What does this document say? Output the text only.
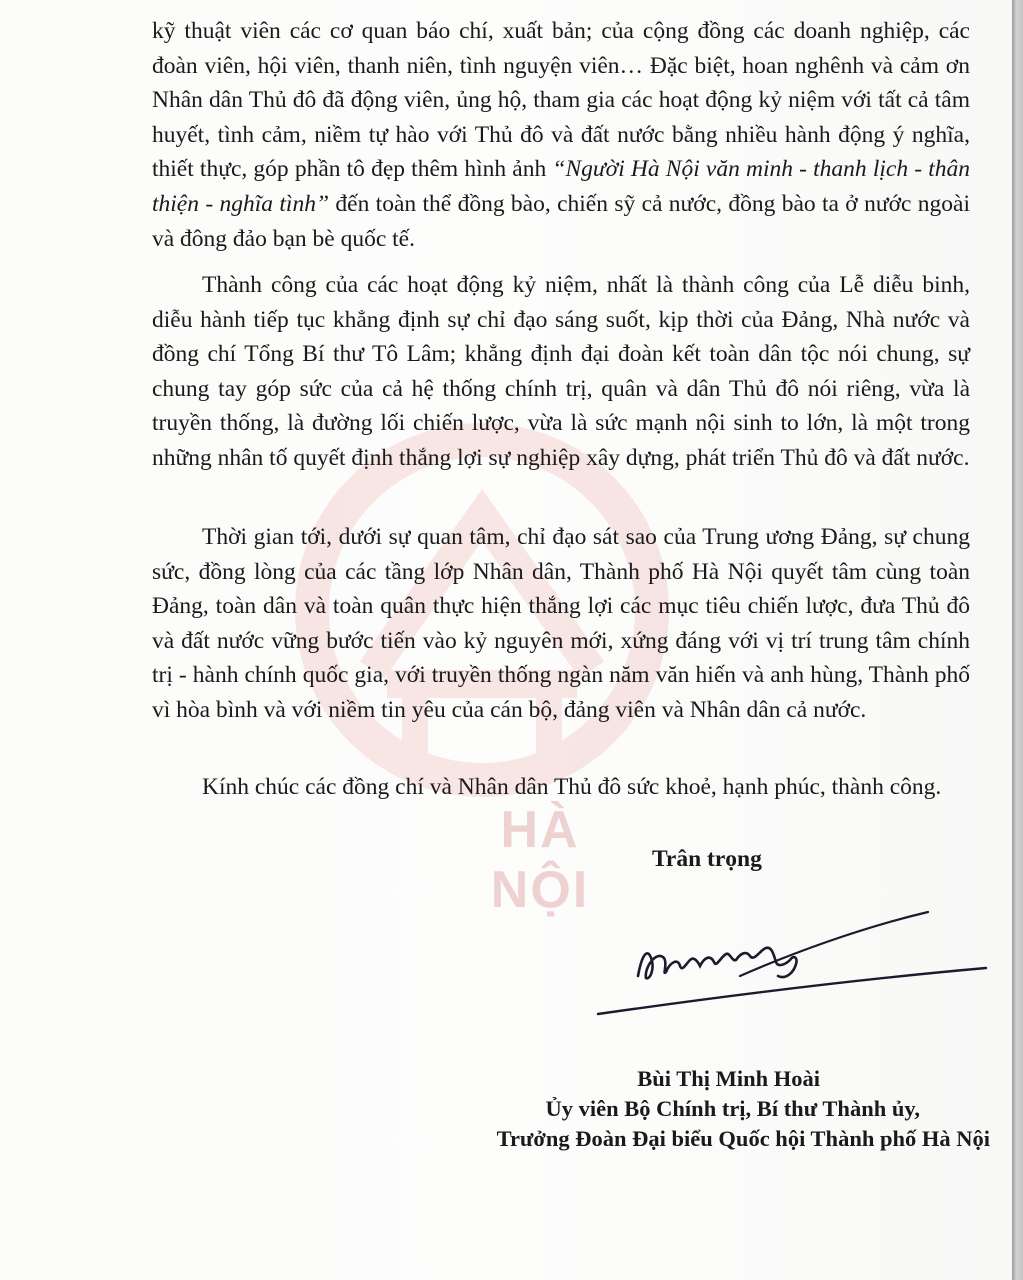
HÀ NỘI

kỹ thuật viên các cơ quan báo chí, xuất bản; của cộng đồng các doanh nghiệp, các đoàn viên, hội viên, thanh niên, tình nguyện viên… Đặc biệt, hoan nghênh và cảm ơn Nhân dân Thủ đô đã động viên, ủng hộ, tham gia các hoạt động kỷ niệm với tất cả tâm huyết, tình cảm, niềm tự hào với Thủ đô và đất nước bằng nhiều hành động ý nghĩa, thiết thực, góp phần tô đẹp thêm hình ảnh “Người Hà Nội văn minh - thanh lịch - thân thiện - nghĩa tình” đến toàn thể đồng bào, chiến sỹ cả nước, đồng bào ta ở nước ngoài và đông đảo bạn bè quốc tế.

Thành công của các hoạt động kỷ niệm, nhất là thành công của Lễ diễu binh, diễu hành tiếp tục khẳng định sự chỉ đạo sáng suốt, kịp thời của Đảng, Nhà nước và đồng chí Tổng Bí thư Tô Lâm; khẳng định đại đoàn kết toàn dân tộc nói chung, sự chung tay góp sức của cả hệ thống chính trị, quân và dân Thủ đô nói riêng, vừa là truyền thống, là đường lối chiến lược, vừa là sức mạnh nội sinh to lớn, là một trong những nhân tố quyết định thắng lợi sự nghiệp xây dựng, phát triển Thủ đô và đất nước.

Thời gian tới, dưới sự quan tâm, chỉ đạo sát sao của Trung ương Đảng, sự chung sức, đồng lòng của các tầng lớp Nhân dân, Thành phố Hà Nội quyết tâm cùng toàn Đảng, toàn dân và toàn quân thực hiện thắng lợi các mục tiêu chiến lược, đưa Thủ đô và đất nước vững bước tiến vào kỷ nguyên mới, xứng đáng với vị trí trung tâm chính trị - hành chính quốc gia, với truyền thống ngàn năm văn hiến và anh hùng, Thành phố vì hòa bình và với niềm tin yêu của cán bộ, đảng viên và Nhân dân cả nước.

Kính chúc các đồng chí và Nhân dân Thủ đô sức khoẻ, hạnh phúc, thành công.

Trân trọng
Bùi Thị Minh Hoài
Ủy viên Bộ Chính trị, Bí thư Thành ủy,
Trưởng Đoàn Đại biểu Quốc hội Thành phố Hà Nội
